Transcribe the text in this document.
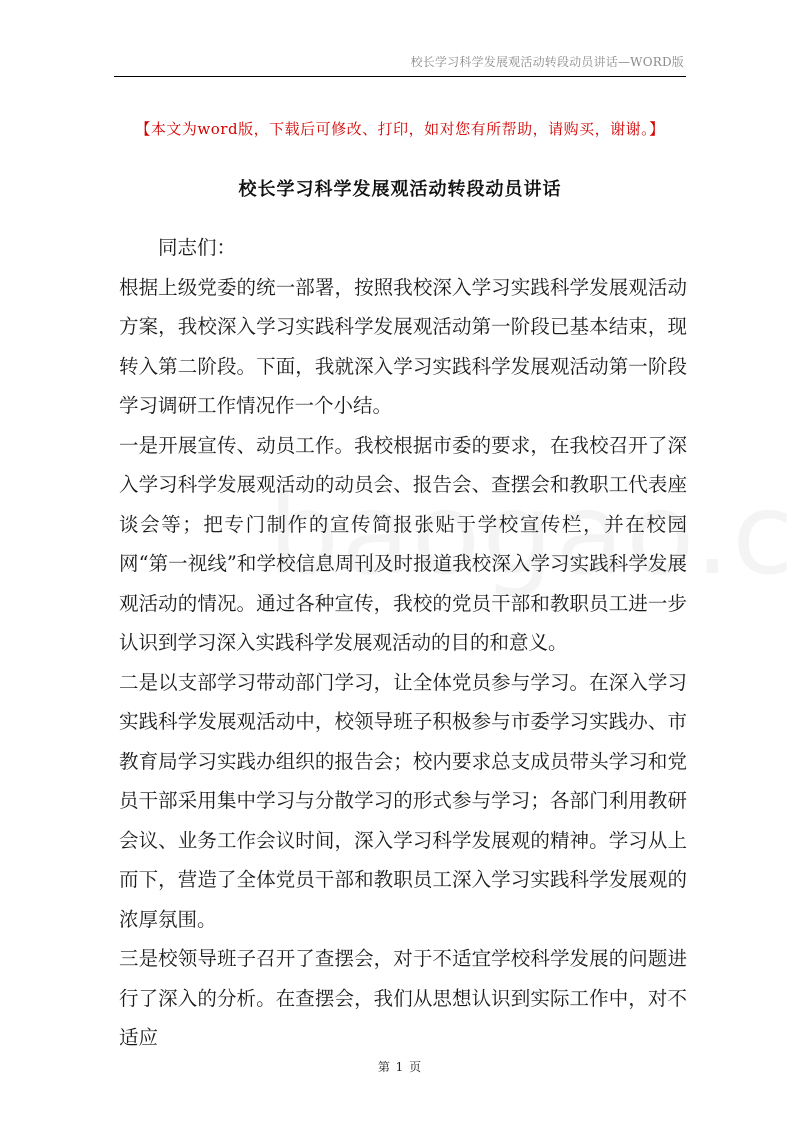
校长学习科学发展观活动转段动员讲话—WORD版
【本文为word版，下载后可修改、打印，如对您有所帮助，请购买，谢谢。】
校长学习科学发展观活动转段动员讲话

同志们：

根据上级党委的统一部署，按照我校深入学习实践科学发展观活动方案，我校深入学习实践科学发展观活动第一阶段已基本结束，现转入第二阶段。下面，我就深入学习实践科学发展观活动第一阶段学习调研工作情况作一个小结。

一是开展宣传、动员工作。我校根据市委的要求，在我校召开了深入学习科学发展观活动的动员会、报告会、查摆会和教职工代表座谈会等；把专门制作的宣传简报张贴于学校宣传栏，并在校园网“第一视线”和学校信息周刊及时报道我校深入学习实践科学发展观活动的情况。通过各种宣传，我校的党员干部和教职员工进一步认识到学习深入实践科学发展观活动的目的和意义。

二是以支部学习带动部门学习，让全体党员参与学习。在深入学习实践科学发展观活动中，校领导班子积极参与市委学习实践办、市教育局学习实践办组织的报告会；校内要求总支成员带头学习和党员干部采用集中学习与分散学习的形式参与学习；各部门利用教研会议、业务工作会议时间，深入学习科学发展观的精神。学习从上而下，营造了全体党员干部和教职员工深入学习实践科学发展观的浓厚氛围。

三是校领导班子召开了查摆会，对于不适宜学校科学发展的问题进行了深入的分析。在查摆会，我们从思想认识到实际工作中，对不适应

第 1 页
